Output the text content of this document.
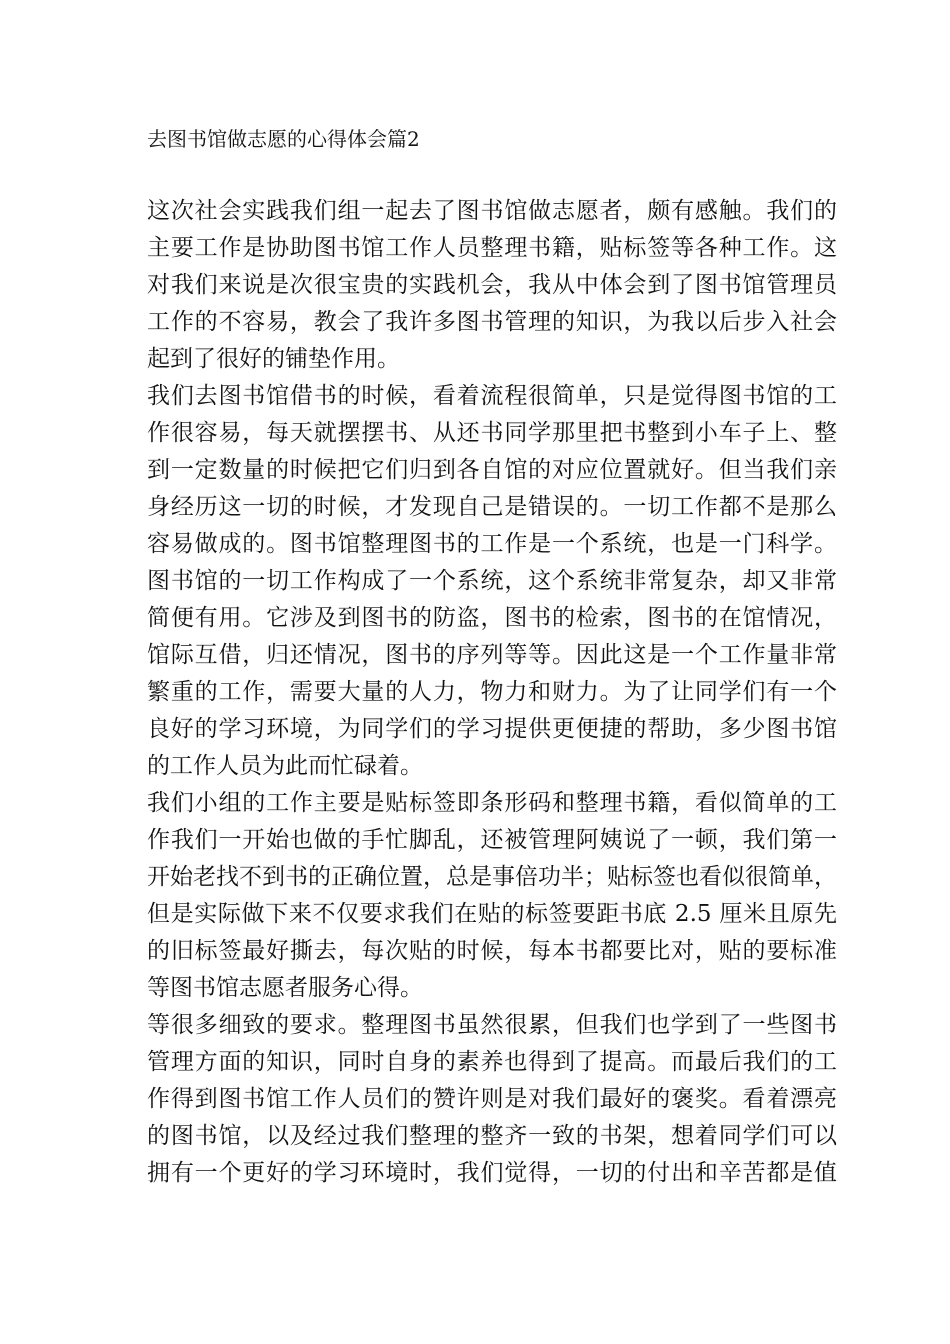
去图书馆做志愿的心得体会篇2
这次社会实践我们组一起去了图书馆做志愿者，颇有感触。我们的
主要工作是协助图书馆工作人员整理书籍，贴标签等各种工作。这
对我们来说是次很宝贵的实践机会，我从中体会到了图书馆管理员
工作的不容易，教会了我许多图书管理的知识，为我以后步入社会
起到了很好的铺垫作用。
我们去图书馆借书的时候，看着流程很简单，只是觉得图书馆的工
作很容易，每天就摆摆书、从还书同学那里把书整到小车子上、整
到一定数量的时候把它们归到各自馆的对应位置就好。但当我们亲
身经历这一切的时候，才发现自己是错误的。一切工作都不是那么
容易做成的。图书馆整理图书的工作是一个系统，也是一门科学。
图书馆的一切工作构成了一个系统，这个系统非常复杂，却又非常
简便有用。它涉及到图书的防盗，图书的检索，图书的在馆情况，
馆际互借，归还情况，图书的序列等等。因此这是一个工作量非常
繁重的工作，需要大量的人力，物力和财力。为了让同学们有一个
良好的学习环境，为同学们的学习提供更便捷的帮助，多少图书馆
的工作人员为此而忙碌着。
我们小组的工作主要是贴标签即条形码和整理书籍，看似简单的工
作我们一开始也做的手忙脚乱，还被管理阿姨说了一顿，我们第一
开始老找不到书的正确位置，总是事倍功半；贴标签也看似很简单，
但是实际做下来不仅要求我们在贴的标签要距书底 2.5 厘米且原先
的旧标签最好撕去，每次贴的时候，每本书都要比对，贴的要标准
等图书馆志愿者服务心得。
等很多细致的要求。整理图书虽然很累，但我们也学到了一些图书
管理方面的知识，同时自身的素养也得到了提高。而最后我们的工
作得到图书馆工作人员们的赞许则是对我们最好的褒奖。看着漂亮
的图书馆，以及经过我们整理的整齐一致的书架，想着同学们可以
拥有一个更好的学习环境时，我们觉得，一切的付出和辛苦都是值
